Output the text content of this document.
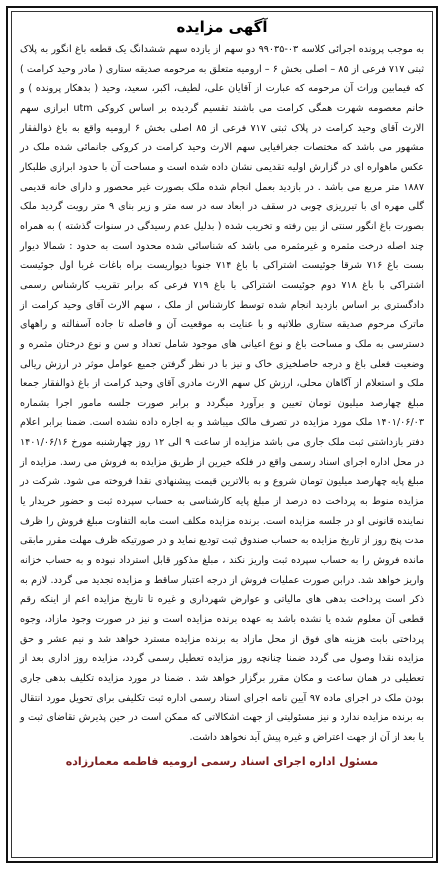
آگهی مزایده

به موجب پرونده اجرائی کلاسه ۰۳-۹۹۰۳۵ دو سهم از یازده سهم ششدانگ یک قطعه باغ انگور به پلاک ثبتی ۷۱۷ فرعی از ۸۵ – اصلی بخش ۶ – ارومیه متعلق به مرحومه صدیقه ستاری ( مادر وحید کرامت ) که فیمابین وراث آن مرحومه که عبارت از آقایان علی، لطیف، اکبر، سعید، وحید ( بدهکار پرونده ) و خانم معصومه شهرت همگی کرامت می باشند تقسیم گردیده بر اساس کروکی utm ابرازی سهم الارث آقای وحید کرامت در پلاک ثبتی ۷۱۷ فرعی از ۸۵ اصلی بخش ۶ ارومیه واقع به باغ ذوالفقار مشهور می باشد که مختصات جغرافیایی سهم الارث وحید کرامت در کروکی جانمائی شده ملک در عکس ماهواره ای در گزارش اولیه تقدیمی نشان داده شده است و مساحت آن با حدود ابرازی طلبکار ۱۸۸۷ متر مربع می باشد . در بازدید بعمل انجام شده ملک بصورت غیر محصور و دارای خانه قدیمی گلی مهره ای با تیرریزی چوبی در سقف در ابعاد سه در سه متر و زیر بنای ۹ متر رویت گردید ملک بصورت باغ انگور سنتی از بین رفته و تخریب شده ( بدلیل عدم رسیدگی در سنوات گذشته ) به همراه چند اصله درخت مثمره و غیرمثمره می باشد که شناسائی شده محدود است به حدود : شمالا دیوار بست باغ ۷۱۶ شرقا جوئیست اشتراکی با باغ ۷۱۴ جنوبا دیواریست براه باغات غربا اول جوئیست اشتراکی با باغ ۷۱۸ دوم جوئیست اشتراکی با باغ ۷۱۹ فرعی که برابر تقریب کارشناس رسمی دادگستری بر اساس بازدید انجام شده توسط کارشناس از ملک ، سهم الارث آقای وحید کرامت از ماترک مرحوم صدیقه ستاری طلاتپه و با عنایت به موقعیت آن و فاصله تا جاده آسفالته و راههای دسترسی به ملک و مساحت باغ و نوع اعیانی های موجود شامل تعداد و سن و نوع درختان مثمره و وضعیت فعلی باغ و درجه حاصلخیزی خاک و نیز با در نظر گرفتن جمیع عوامل موثر در ارزش ریالی ملک و استعلام از آگاهان محلی، ارزش کل سهم الارث مادری آقای وحید کرامت از باغ ذوالفقار جمعا مبلغ چهارصد میلیون تومان تعیین و برآورد میگردد و برابر صورت جلسه مامور اجرا بشماره ۱۴۰۱/۰۶/۰۳ ملک مورد مزایده در تصرف مالک میباشد و به اجاره داده نشده است. ضمنا برابر اعلام دفتر بازداشتی ثبت ملک جاری می باشد مزایده از ساعت ۹ الی ۱۲ روز چهارشنبه مورخ ۱۴۰۱/۰۶/۱۶ در محل اداره اجرای اسناد رسمی واقع در فلکه خیرین از طریق مزایده به فروش می رسد. مزایده از مبلغ پایه چهارصد میلیون تومان شروع و به بالاترین قیمت پیشنهادی نقدا فروخته می شود. شرکت در مزایده منوط به پرداخت ده درصد از مبلغ پایه کارشناسی به حساب سپرده ثبت و حضور خریدار یا نماینده قانونی او در جلسه مزایده است. برنده مزایده مکلف است مابه التفاوت مبلغ فروش را ظرف مدت پنج روز از تاریخ مزایده به حساب صندوق ثبت تودیع نماید و در صورتیکه ظرف مهلت مقرر مابقی مانده فروش را به حساب سپرده ثبت واریز نکند ، مبلغ مذکور قابل استرداد نبوده و به حساب خزانه واریز خواهد شد. درابن صورت عملیات فروش از درجه اعتبار ساقط و مزایده تجدید می گردد. لازم به ذکر است پرداخت بدهی های مالیاتی و عوارض شهرداری و غیره تا تاریخ مزایده اعم از اینکه رقم قطعی آن معلوم شده یا نشده باشد به عهده برنده مزایده است و نیز در صورت وجود مازاد، وجوه پرداختی بابت هزینه های فوق از محل مازاد به برنده مزایده مسترد خواهد شد و نیم عشر و حق مزایده نقدا وصول می گردد ضمنا چنانچه روز مزایده تعطیل رسمی گردد، مزایده روز اداری بعد از تعطیلی در همان ساعت و مکان مقرر برگزار خواهد شد . ضمنا در مورد مزایده تکلیف بدهی جاری بودن ملک در اجرای ماده ۹۷ آیین نامه اجرای اسناد رسمی اداره ثبت تکلیفی برای تحویل مورد انتقال به برنده مزایده ندارد و نیز مسئولیتی از جهت اشکالاتی که ممکن است در حین پذیرش تقاضای ثبت و یا بعد از آن از جهت اعتراض و غیره پیش آید نخواهد داشت.

مسئول اداره اجرای اسناد رسمی ارومیه فاطمه معمارزاده
